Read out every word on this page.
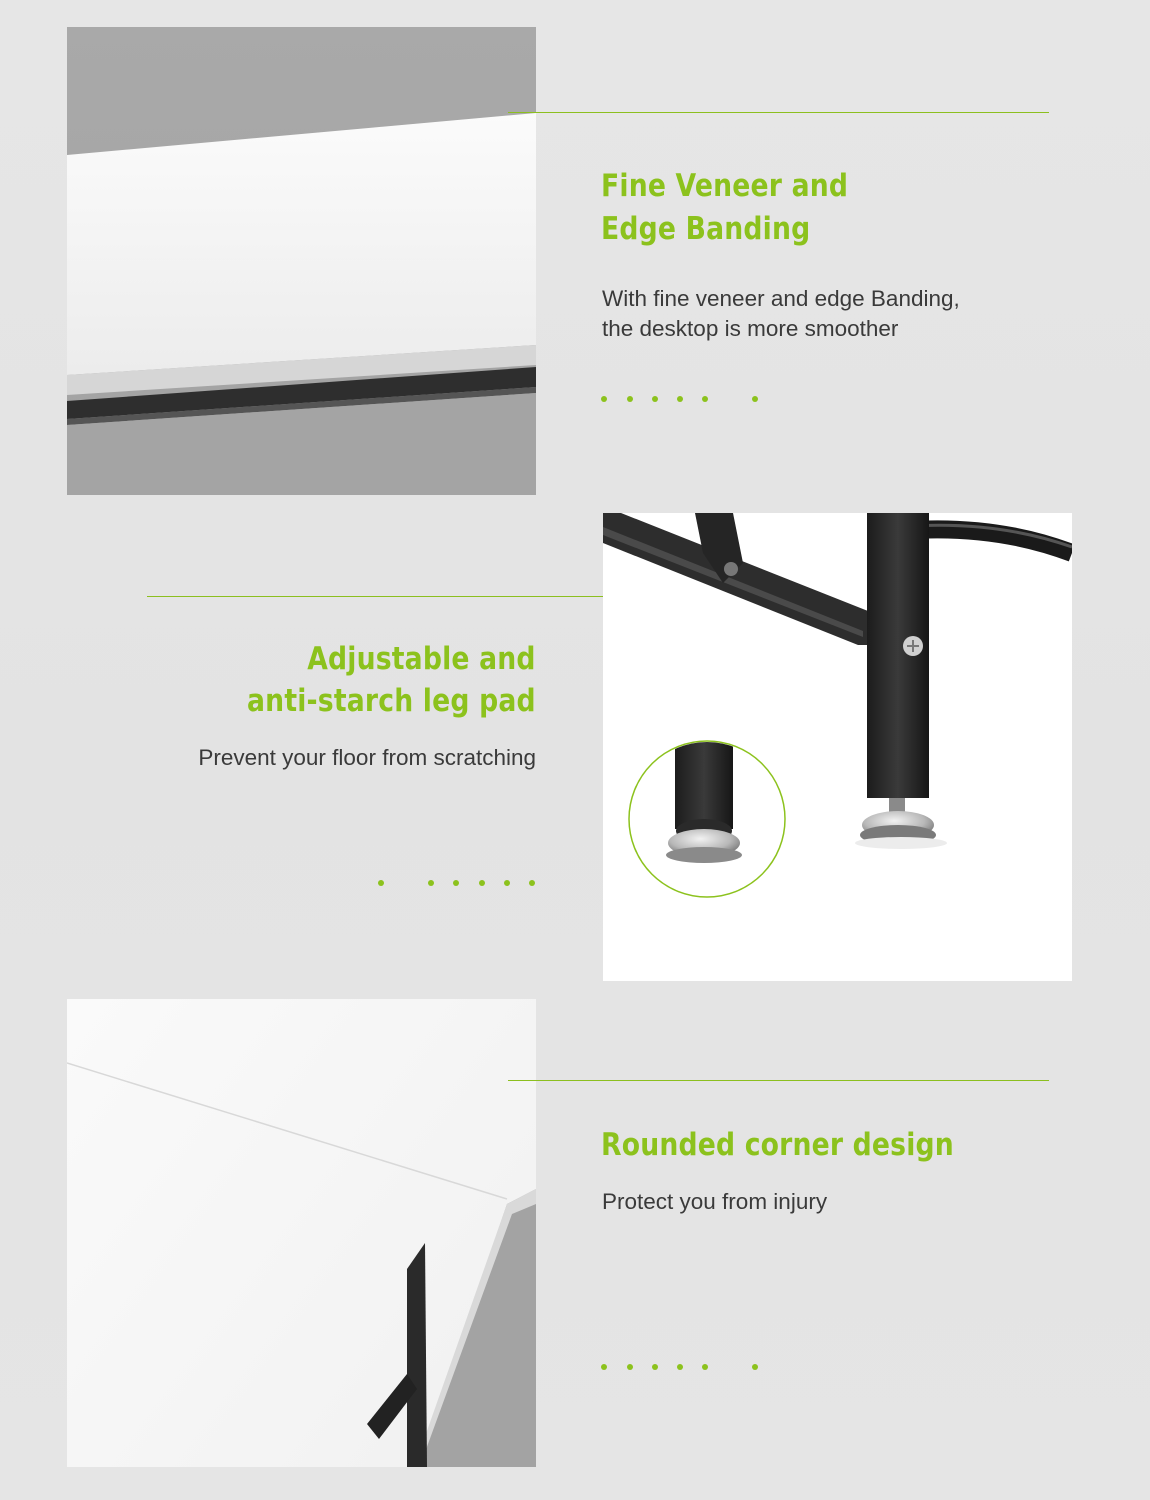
Fine Veneer and
Edge Banding
With fine veneer and edge Banding,
the desktop is more smoother
Adjustable and
anti-starch leg pad
Prevent your floor from scratching
Rounded corner design
Protect you from injury
